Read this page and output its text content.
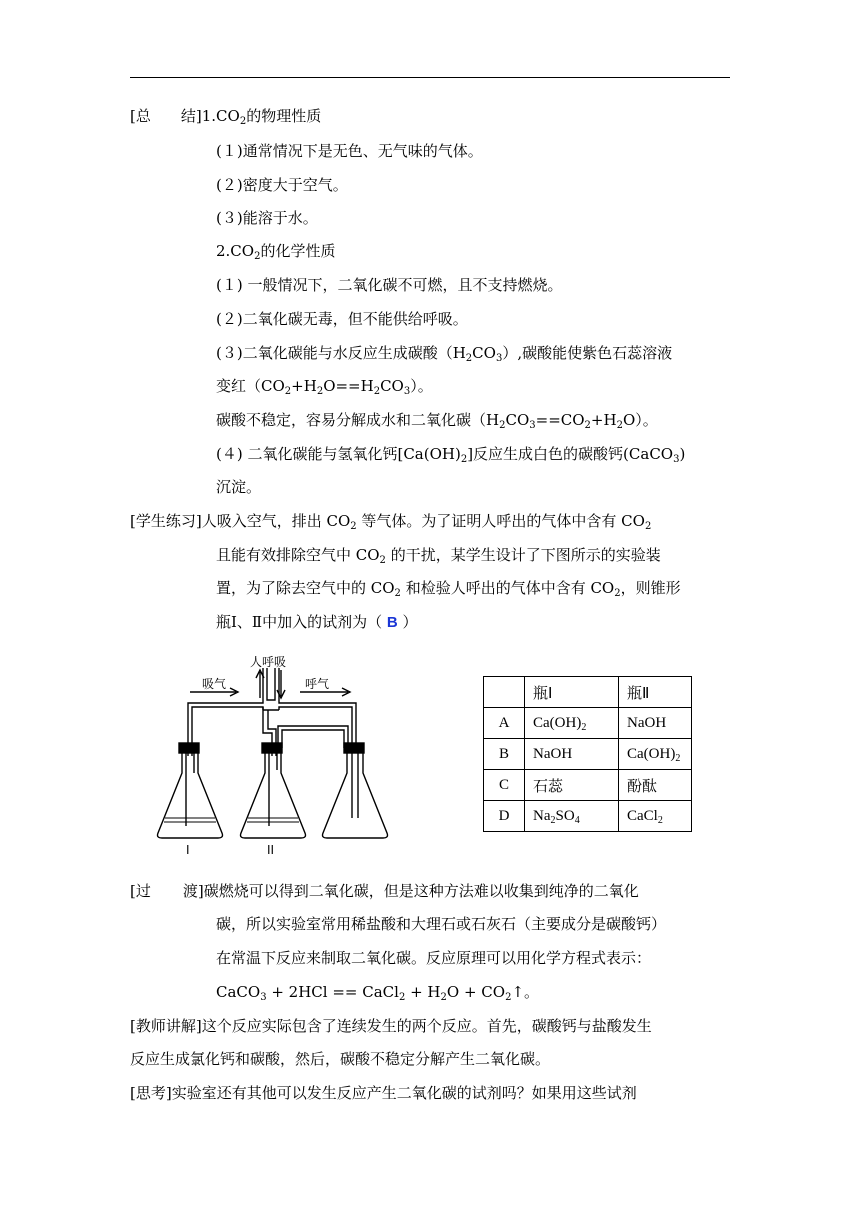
[总 结]$1.CO_2$的物理性质
(１)通常情况下是无色、无气味的气体。
(２)密度大于空气。
(３)能溶于水。
$2.CO_2$的化学性质
(１) 一般情况下，二氧化碳不可燃，且不支持燃烧。
(２)二氧化碳无毒，但不能供给呼吸。
(３)二氧化碳能与水反应生成碳酸$(H_2CO_3)$,碳酸能使紫色石蕊溶液
变红$(CO_2+H_2O==H_2CO_3)$。
碳酸不稳定，容易分解成水和二氧化碳$(H_2CO_3==CO_2+H_2O)$。
(４) 二氧化碳能与氢氧化钙$[Ca(OH)_2]$反应生成白色的碳酸钙(CaCO$_3$)
沉淀。
[学生练习]人吸入空气，排出 $CO_2$ 等气体。为了证明人呼出的气体中含有 $CO_2$
且能有效排除空气中 $CO_2$ 的干扰，某学生设计了下图所示的实验装
置，为了除去空气中的 $CO_2$ 和检验人呼出的气体中含有 $CO_2$，则锥形
瓶Ⅰ、Ⅱ中加入的试剂为（ B ）
人呼吸
吸气	呼气
I	II
	瓶Ⅰ	瓶Ⅱ
A	$Ca(OH)_2$	NaOH
B	NaOH	$Ca(OH)_2$
C	石蕊	酚酞
D	$Na_2SO_4$	CaCl$_2$
[过 渡]碳燃烧可以得到二氧化碳，但是这种方法难以收集到纯净的二氧化
碳，所以实验室常用稀盐酸和大理石或石灰石（主要成分是碳酸钙）
在常温下反应来制取二氧化碳。反应原理可以用化学方程式表示：
CaCO$_3$ + 2HCl == CaCl$_2$ + $H_2O$ + $CO_2↑$。
[教师讲解]这个反应实际包含了连续发生的两个反应。首先，碳酸钙与盐酸发生
反应生成氯化钙和碳酸，然后，碳酸不稳定分解产生二氧化碳。
[思考]实验室还有其他可以发生反应产生二氧化碳的试剂吗？如果用这些试剂
